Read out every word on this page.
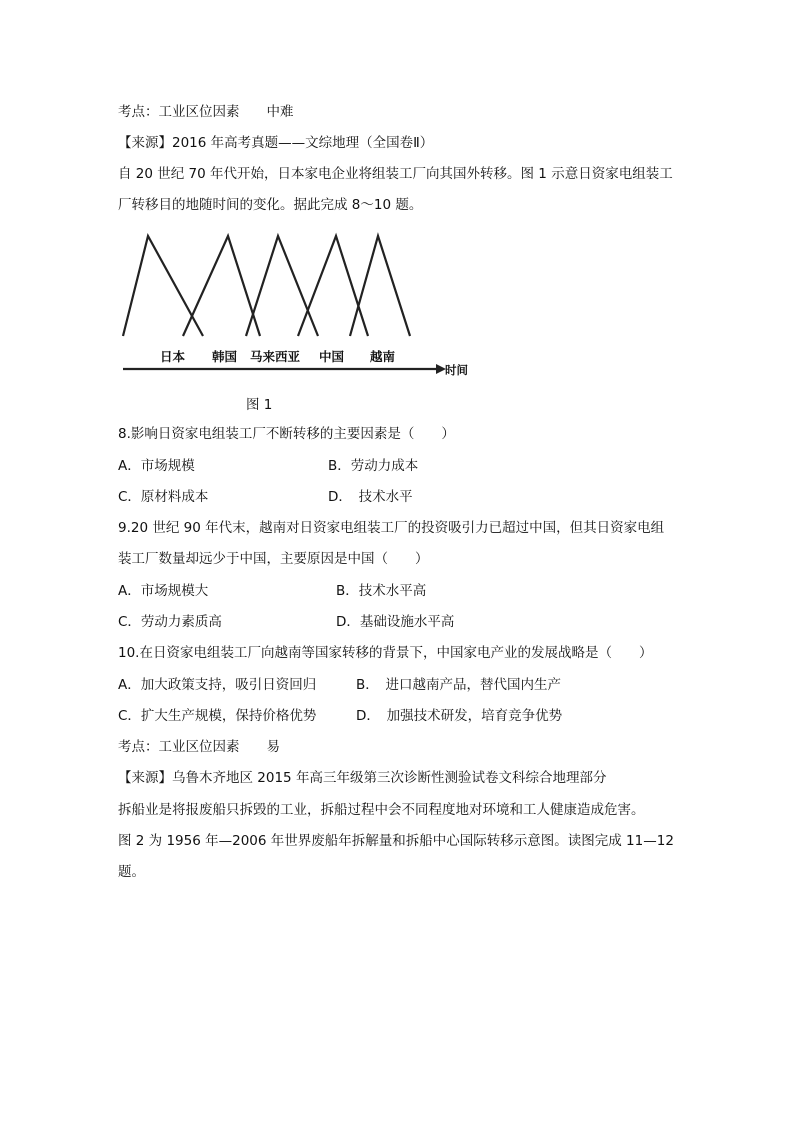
考点：工业区位因素　　中难
【来源】2016 年高考真题——文综地理（全国卷Ⅱ）
自 20 世纪 70 年代开始，日本家电企业将组装工厂向其国外转移。图 1 示意日资家电组装工
厂转移目的地随时间的变化。据此完成 8～10 题。
日本 韩国 马来西亚 中国 越南
时间
图 1
8.影响日资家电组装工厂不断转移的主要因素是（　　）
A．市场规模	B．劳动力成本
C．原材料成本	D．　技术水平
9.20 世纪 90 年代末，越南对日资家电组装工厂的投资吸引力已超过中国，但其日资家电组
装工厂数量却远少于中国，主要原因是中国（　　）
A．市场规模大	B．技术水平高
C．劳动力素质高	D．基础设施水平高
10.在日资家电组装工厂向越南等国家转移的背景下，中国家电产业的发展战略是（　　）
A．加大政策支持，吸引日资回归	B．　进口越南产品，替代国内生产
C．扩大生产规模，保持价格优势	D．　加强技术研发，培育竞争优势
考点：工业区位因素　　易
【来源】乌鲁木齐地区 2015 年高三年级第三次诊断性测验试卷文科综合地理部分
拆船业是将报废船只拆毁的工业，拆船过程中会不同程度地对环境和工人健康造成危害。
图 2 为 1956 年—2006 年世界废船年拆解量和拆船中心国际转移示意图。读图完成 11—12
题。
